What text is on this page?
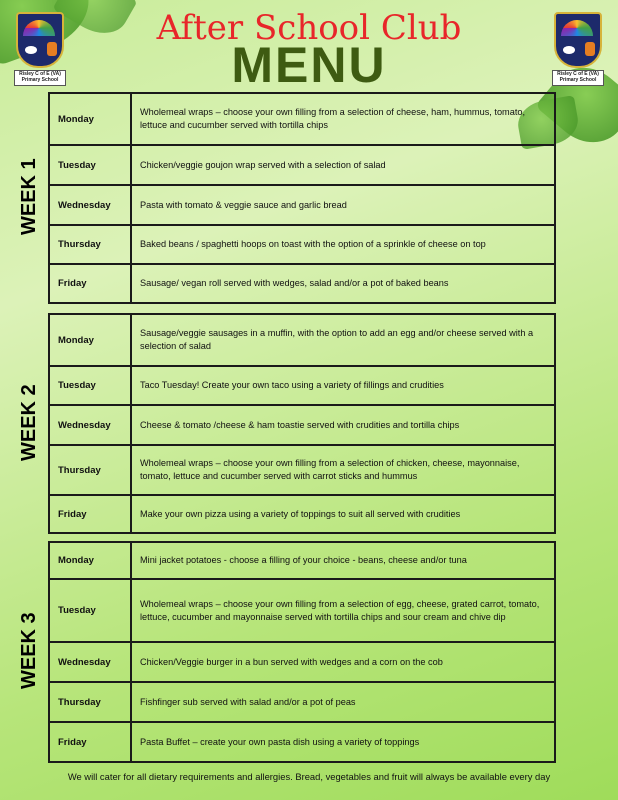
Risley C of E (VA) Primary School
Risley C of E (VA) Primary School
After School Club
MENU
WEEK 1
Monday	Wholemeal wraps – choose your own filling from a selection of cheese, ham, hummus, tomato, lettuce and cucumber served with tortilla chips
Tuesday	Chicken/veggie goujon wrap served with a selection of salad
Wednesday	Pasta with tomato & veggie sauce and garlic bread
Thursday	Baked beans / spaghetti hoops on toast with the option of a sprinkle of cheese on top
Friday	Sausage/ vegan roll served with wedges, salad and/or a pot of baked beans
WEEK 2
Monday	Sausage/veggie sausages in a muffin, with the option to add an egg and/or cheese served with a selection of salad
Tuesday	Taco Tuesday! Create your own taco using a variety of fillings and crudities
Wednesday	Cheese & tomato /cheese & ham toastie served with crudities and tortilla chips
Thursday	Wholemeal wraps – choose your own filling from a selection of chicken, cheese, mayonnaise, tomato, lettuce and cucumber served with carrot sticks and hummus
Friday	Make your own pizza using a variety of toppings to suit all served with crudities
WEEK 3
Monday	Mini jacket potatoes - choose a filling of your choice - beans, cheese and/or tuna
Tuesday	Wholemeal wraps – choose your own filling from a selection of egg, cheese, grated carrot, tomato, lettuce, cucumber and mayonnaise served with tortilla chips and sour cream and chive dip
Wednesday	Chicken/Veggie burger in a bun served with wedges and a corn on the cob
Thursday	Fishfinger sub served with salad and/or a pot of peas
Friday	Pasta Buffet – create your own pasta dish using a variety of toppings
We will cater for all dietary requirements and allergies. Bread, vegetables and fruit will always be available every day
